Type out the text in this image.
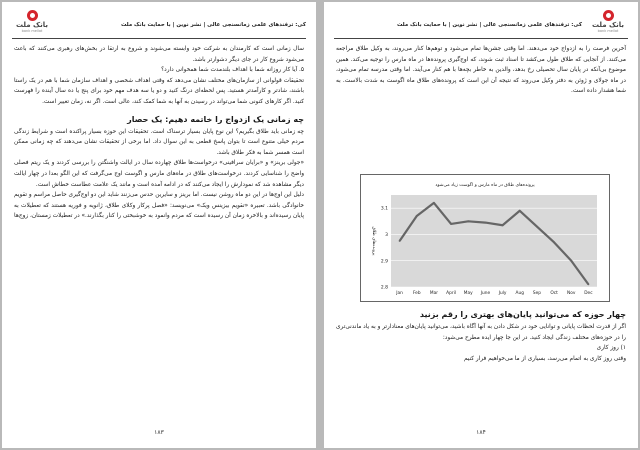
بانک ملت
bank mellat
کی: ترفندهای علمی زمانسنجی عالی | نشر نوین | با حمایت بانک ملت

سال زمانی است که کارمندان به شرکت خود وابسته می‌شوند و شروع به ارتقا در بخش‌های رهبری می‌کنند که باعث می‌شود شروع کار در جای دیگر دشوارتر باشد.

۵. آیا کار روزانه شما با اهداف بلندمدت شما همخوانی دارد؟

تحقیقات قولوانی از سازمان‌های مختلف نشان می‌دهد که وقتی اهداف شخصی و اهداف سازمان شما با هم در یک راستا باشند، شادتر و کارآمدتر هستید. پس لحظه‌ای درنگ کنید و دو یا سه هدف مهم خود برای پنج یا ده سال آینده را فهرست کنید. اگر کارهای کنونی شما می‌تواند در رسیدن به آنها به شما کمک کند، عالی است. اگر نه، زمان تغییر است.

چه زمانی یک ازدواج را خاتمه دهیم: یک حصار

چه زمانی باید طلاق بگیریم؟ این نوع پایان بسیار ترسناک است. تحقیقات این حوزه بسیار پراکنده است و شرایط زندگی مردم خیلی متنوع است تا بتوان پاسخ قطعی به این سوال داد. اما برخی از تحقیقات نشان می‌دهند که چه زمانی ممکن است همسر شما به فکر طلاق باشد.

«جولی برینز» و «برایان سرافینی» درخواست‌ها طلاق چهارده سال در ایالت واشنگتن را بررسی کردند و یک ریتم فصلی واضح را شناسایی کردند. درخواست‌های طلاق در ماه‌های مارس و اگوست اوج می‌گرفت که این الگو بعدا در چهار ایالت دیگر مشاهده شد که نمودارش را ایجاد می‌کنند که در ادامه آمده است و مانند یک علامت عطاست خطاش است.

دلیل این اوج‌ها در این دو ماه روشن نیست. اما برینز و سایرین حدس می‌زنند شاید این دو اوج‌گیری حاصل مراسم و تقویم خانوادگی باشد. تعبیره «تقویم بیزینس ویک» می‌نویسد: «فصل پرکار وکلای طلاق، ژانویه و فوریه هستند که تعطیلات به پایان رسیده‌اند و بالاخره زمان آن رسیده است که مردم وانمود به خوشبختی را کنار بگذارند.» در تعطیلات زمستان، زوج‌ها

۱۸۳
کی: ترفندهای علمی زمانسنجی عالی | نشر نوین | با حمایت بانک ملت	بانک ملت
bank mellat

آخرین فرصت را به ازدواج خود می‌دهند. اما وقتی جشن‌ها تمام می‌شود و توهم‌ها کنار می‌روند، به وکیل طلاق مراجعه می‌کنند. از آنجایی که طلاق طول می‌کشد تا اسناد ثبت شوند، که اوج‌گیری پرونده‌ها در ماه مارس را توجیه می‌کند. همین موضوع بی‌آنکه در پایان سال تحصیلی رخ بدهد، والدین به خاطر بچه‌ها با هم کنار می‌آیند. اما وقتی مدرسه تمام می‌شود، در ماه جولای و ژوئن به دفتر وکیل می‌روند که نتیجه آن این است که پرونده‌های طلاق ماه اگوست به شدت بالاست. به شما هشدار داده است.

پرونده‌های طلاق در ماه مارس و اگوست زیاد می‌شود
2.8
2.9
3
3.1
Jan Feb Mar April May June July Aug Sep Oct Nov Dec
پرونده‌های طلاق
چهار حوزه که می‌توانید پایان‌های بهتری را رقم بزنید

اگر از قدرت لحظات پایانی و توانایی خود در شکل دادن به آنها آگاه باشید، می‌توانید پایان‌های معنادارتر و به یاد ماندنی‌تری را در حوزه‌های مختلف زندگی ایجاد کنید. در این جا چهار ایده مطرح می‌شود:

۱) روز کاری

وقتی روز کاری به اتمام می‌رسد، بسیاری از ما می‌خواهیم فرار کنیم

۱۸۴
